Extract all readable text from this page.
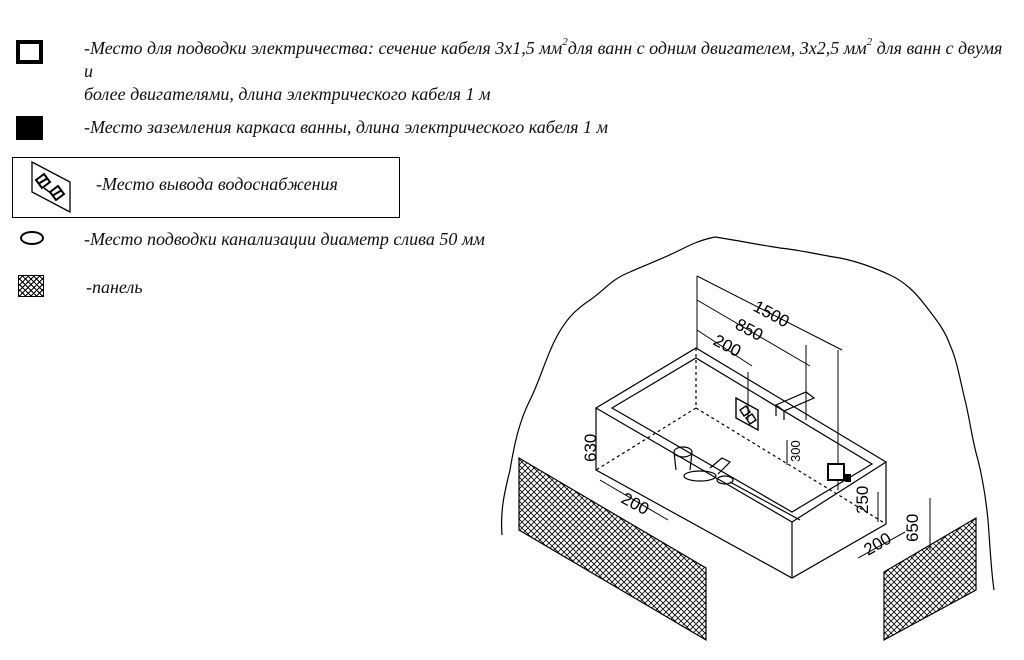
-Место для подводки электричества: сечение кабеля 3х1,5 $мм^2для$ ванн с одним двигателем, 3х2,5 $мм^2$ для ванн с двумя и
более двигателями, длина электрического кабеля 1 м
-Место заземления каркаса ванны, длина электрического кабеля 1 м
-Место вывода водоснабжения
-Место подводки канализации диаметр слива 50 мм
-панель
1500
850
200
630	300
250
200
200
650
